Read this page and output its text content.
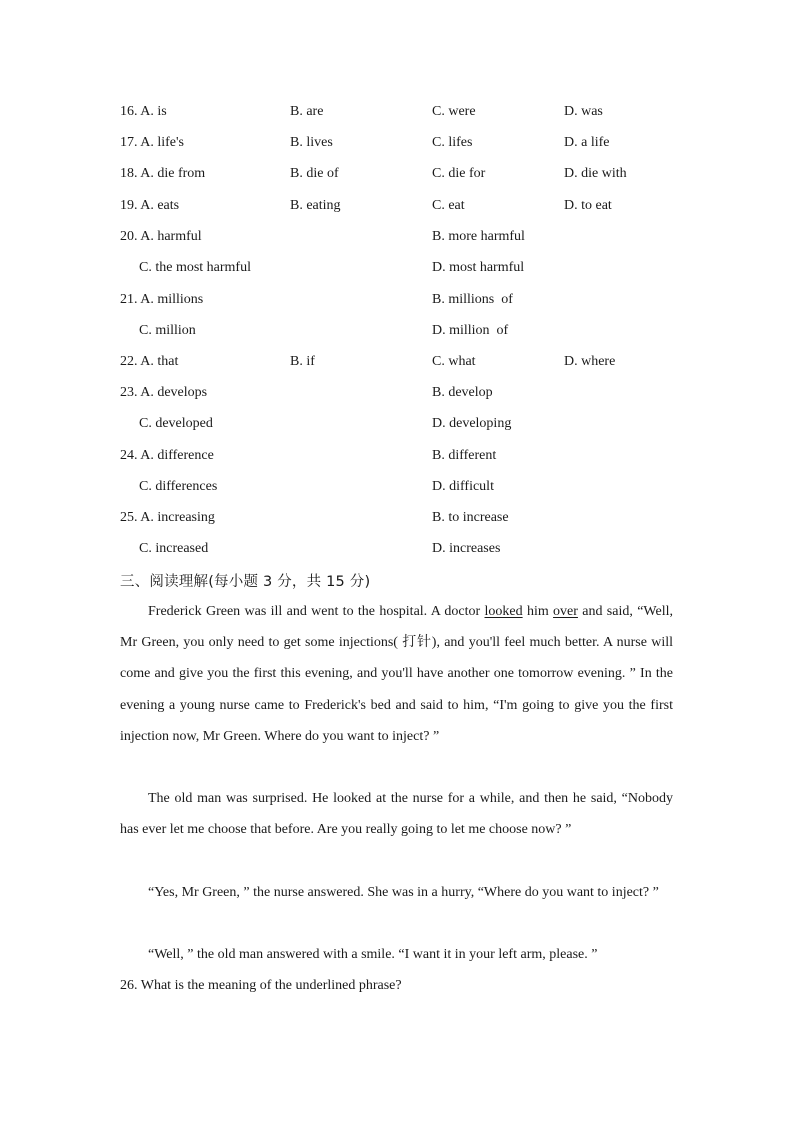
16. A. is	B. are	C. were	D. was
17. A. life's	B. lives	C. lifes	D. a life
18. A. die from	B. die of	C. die for	D. die with
19. A. eats	B. eating	C. eat	D. to eat
20. A. harmful	B. more harmful
C. the most harmful	D. most harmful
21. A. millions	B. millions  of
C. million	D. million  of
22. A. that	B. if	C. what	D. where
23. A. develops	B. develop
C. developed	D. developing
24. A. difference	B. different
C. differences	D. difficult
25. A. increasing	B. to increase
C. increased	D. increases
三、阅读理解(每小题 3 分，共 15 分)
Frederick Green was ill and went to the hospital. A doctor looked him over and said, “Well, Mr Green, you only need to get some injections( 打针), and you'll feel much better. A nurse will come and give you the first this evening, and you'll have another one tomorrow evening. ” In the evening a young nurse came to Frederick's bed and said to him, “I'm going to give you the first injection now, Mr Green. Where do you want to inject? ”
The old man was surprised. He looked at the nurse for a while, and then he said, “Nobody has ever let me choose that before. Are you really going to let me choose now? ”
“Yes, Mr Green, ” the nurse answered. She was in a hurry, “Where do you want to inject? ”
“Well, ” the old man answered with a smile. “I want it in your left arm, please. ”
26. What is the meaning of the underlined phrase?
